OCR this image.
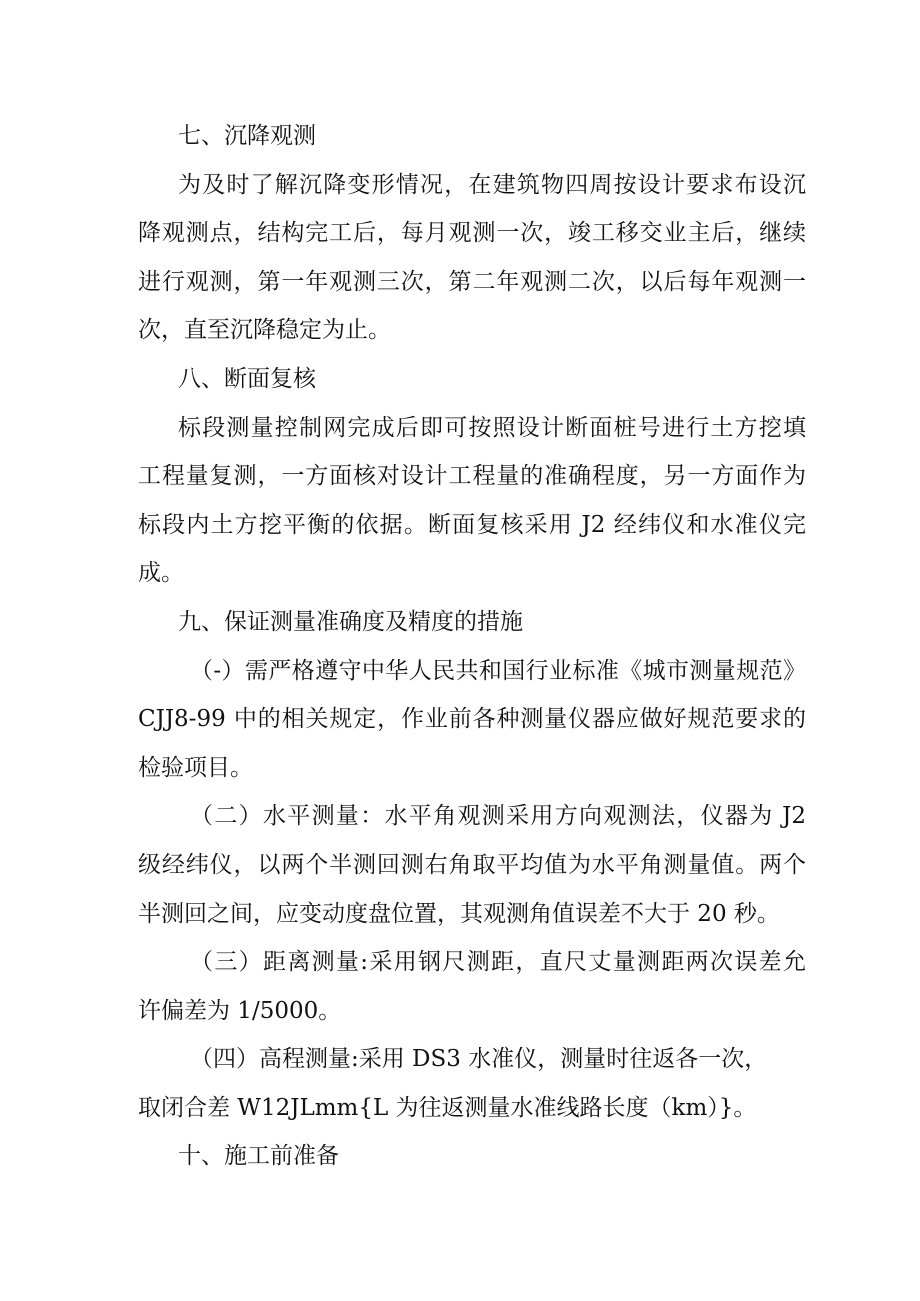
七、沉降观测
为及时了解沉降变形情况，在建筑物四周按设计要求布设沉
降观测点，结构完工后，每月观测一次，竣工移交业主后，继续
进行观测，第一年观测三次，第二年观测二次，以后每年观测一
次，直至沉降稳定为止。
八、断面复核
标段测量控制网完成后即可按照设计断面桩号进行土方挖填
工程量复测，一方面核对设计工程量的准确程度，另一方面作为
标段内土方挖平衡的依据。断面复核采用 J2 经纬仪和水准仪完
成。
九、保证测量准确度及精度的措施
（-）需严格遵守中华人民共和国行业标准《城市测量规范》
CJJ8-99 中的相关规定，作业前各种测量仪器应做好规范要求的
检验项目。
（二）水平测量：水平角观测采用方向观测法，仪器为 J2
级经纬仪，以两个半测回测右角取平均值为水平角测量值。两个
半测回之间，应变动度盘位置，其观测角值误差不大于 20 秒。
（三）距离测量:采用钢尺测距，直尺丈量测距两次误差允
许偏差为 1/5000。
（四）高程测量:采用 DS3 水准仪，测量时往返各一次，
取闭合差 W12JLmm{L 为往返测量水准线路长度（km）}。
十、施工前准备
